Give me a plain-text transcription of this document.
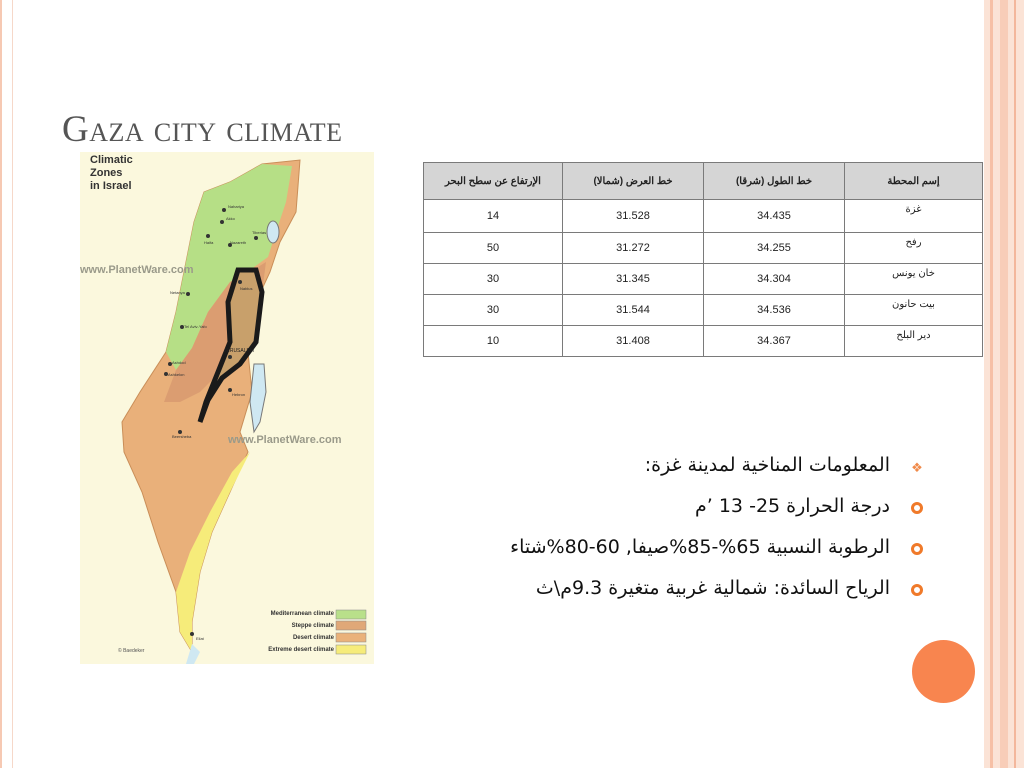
Gaza city climate
Climatic
Zones
in Israel
www.PlanetWare.com
www.PlanetWare.com
Nahariya
Akko
Haifa
Tiberias
Nazareth
Netanya
Nablus
Tel Aviv-Yafo
JERUSALEM
Ashdod
Ashkelon
Hebron
Beersheba
Eilat
Mediterranean climate
Steppe climate
Desert climate
Extreme desert climate
© Baedeker
الإرتفاع عن سطح البحر	خط العرض (شمالا)	خط الطول (شرقا)	إسم المحطة
14	31.528	34.435	غزة
50	31.272	34.255	رفح
30	31.345	34.304	خان يونس
30	31.544	34.536	بيت حانون
10	31.408	34.367	دير البلح
❖
المعلومات المناخية لمدينة غزة:
درجة الحرارة 25- 13 ’م
الرطوبة النسبية 65%-85%صيفا, 60-80%شتاء
الرياح السائدة: شمالية غربية متغيرة 9.3م\ث
